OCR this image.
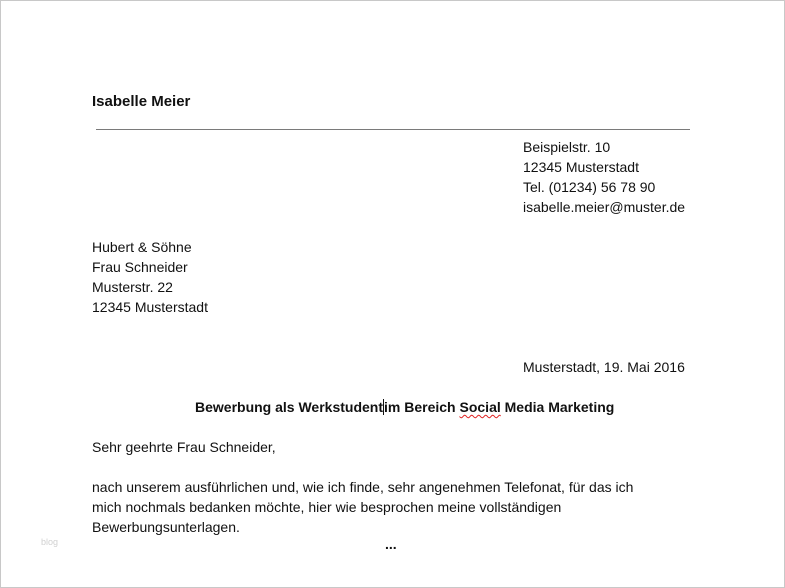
Isabelle Meier
Beispielstr. 10
12345 Musterstadt
Tel. (01234) 56 78 90
isabelle.meier@muster.de
Hubert & Söhne
Frau Schneider
Musterstr. 22
12345 Musterstadt
Musterstadt, 19. Mai 2016
Bewerbung als Werkstudentim Bereich Social Media Marketing
Sehr geehrte Frau Schneider,
nach unserem ausführlichen und, wie ich finde, sehr angenehmen Telefonat, für das ich
mich nochmals bedanken möchte, hier wie besprochen meine vollständigen
Bewerbungsunterlagen.
...
blog
